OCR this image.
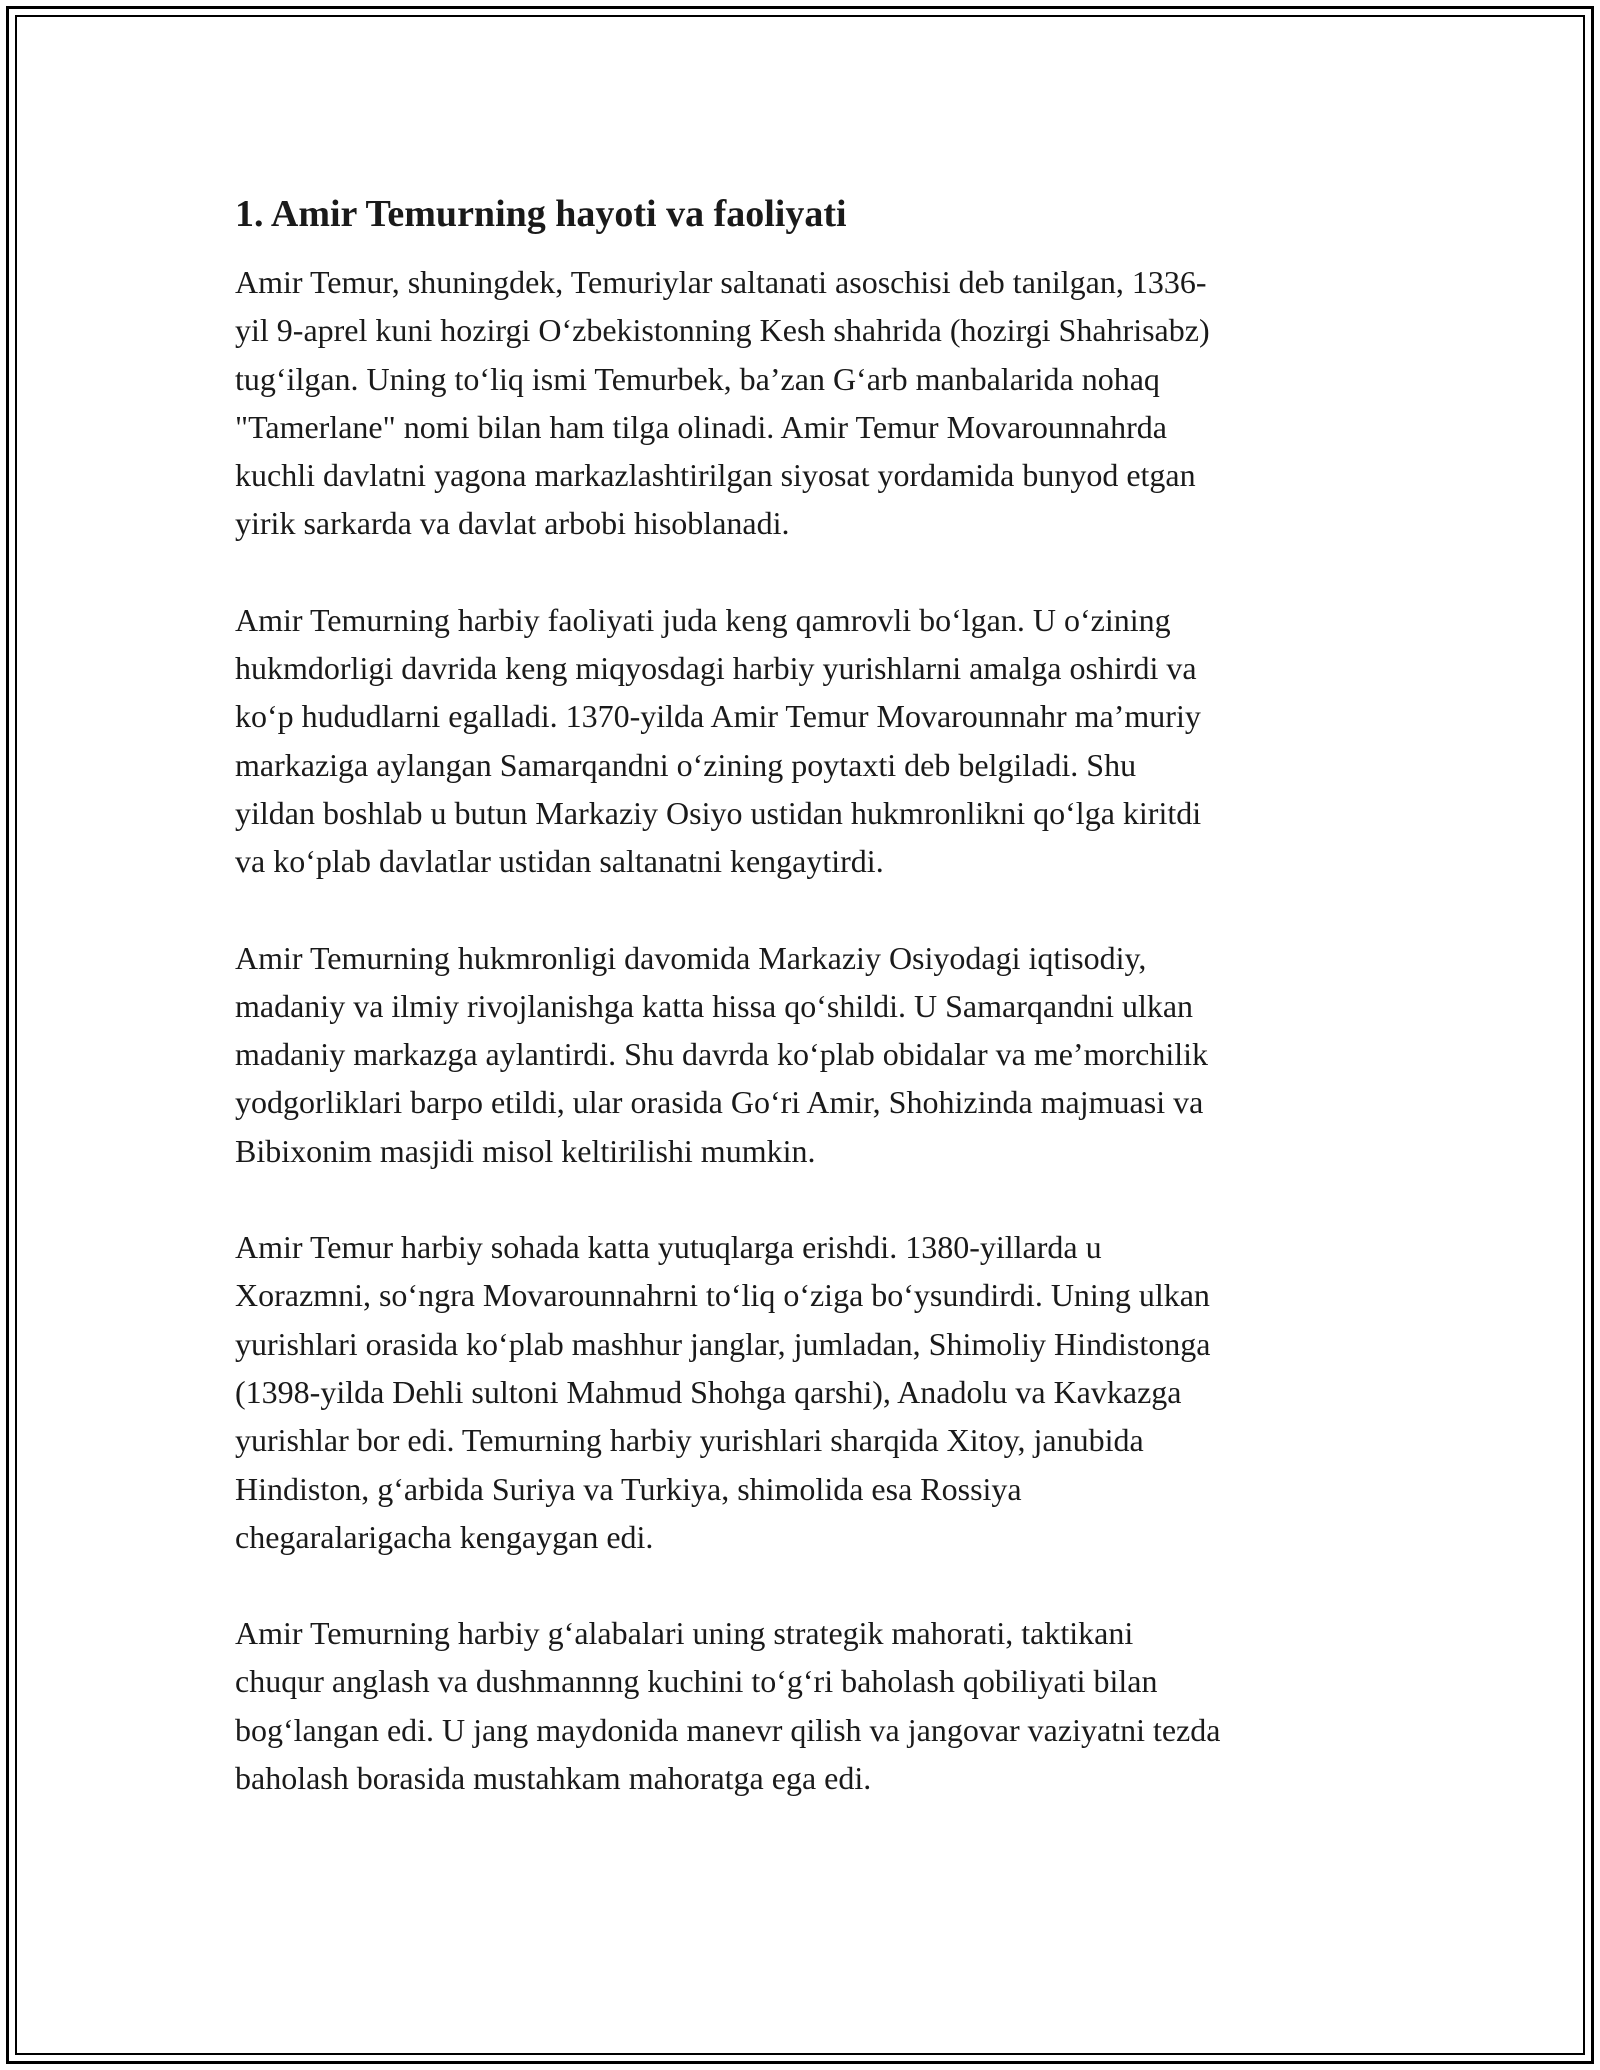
1. Amir Temurning hayoti va faoliyati

Amir Temur, shuningdek, Temuriylar saltanati asoschisi deb tanilgan, 1336-
yil 9-aprel kuni hozirgi O‘zbekistonning Kesh shahrida (hozirgi Shahrisabz)
tug‘ilgan. Uning to‘liq ismi Temurbek, ba’zan G‘arb manbalarida nohaq
"Tamerlane" nomi bilan ham tilga olinadi. Amir Temur Movarounnahrda
kuchli davlatni yagona markazlashtirilgan siyosat yordamida bunyod etgan
yirik sarkarda va davlat arbobi hisoblanadi.

Amir Temurning harbiy faoliyati juda keng qamrovli bo‘lgan. U o‘zining
hukmdorligi davrida keng miqyosdagi harbiy yurishlarni amalga oshirdi va
ko‘p hududlarni egalladi. 1370-yilda Amir Temur Movarounnahr ma’muriy
markaziga aylangan Samarqandni o‘zining poytaxti deb belgiladi. Shu
yildan boshlab u butun Markaziy Osiyo ustidan hukmronlikni qo‘lga kiritdi
va ko‘plab davlatlar ustidan saltanatni kengaytirdi.

Amir Temurning hukmronligi davomida Markaziy Osiyodagi iqtisodiy,
madaniy va ilmiy rivojlanishga katta hissa qo‘shildi. U Samarqandni ulkan
madaniy markazga aylantirdi. Shu davrda ko‘plab obidalar va me’morchilik
yodgorliklari barpo etildi, ular orasida Go‘ri Amir, Shohizinda majmuasi va
Bibixonim masjidi misol keltirilishi mumkin.

Amir Temur harbiy sohada katta yutuqlarga erishdi. 1380-yillarda u
Xorazmni, so‘ngra Movarounnahrni to‘liq o‘ziga bo‘ysundirdi. Uning ulkan
yurishlari orasida ko‘plab mashhur janglar, jumladan, Shimoliy Hindistonga
(1398-yilda Dehli sultoni Mahmud Shohga qarshi), Anadolu va Kavkazga
yurishlar bor edi. Temurning harbiy yurishlari sharqida Xitoy, janubida
Hindiston, g‘arbida Suriya va Turkiya, shimolida esa Rossiya
chegaralarigacha kengaygan edi.

Amir Temurning harbiy g‘alabalari uning strategik mahorati, taktikani
chuqur anglash va dushmannng kuchini to‘g‘ri baholash qobiliyati bilan
bog‘langan edi. U jang maydonida manevr qilish va jangovar vaziyatni tezda
baholash borasida mustahkam mahoratga ega edi.
